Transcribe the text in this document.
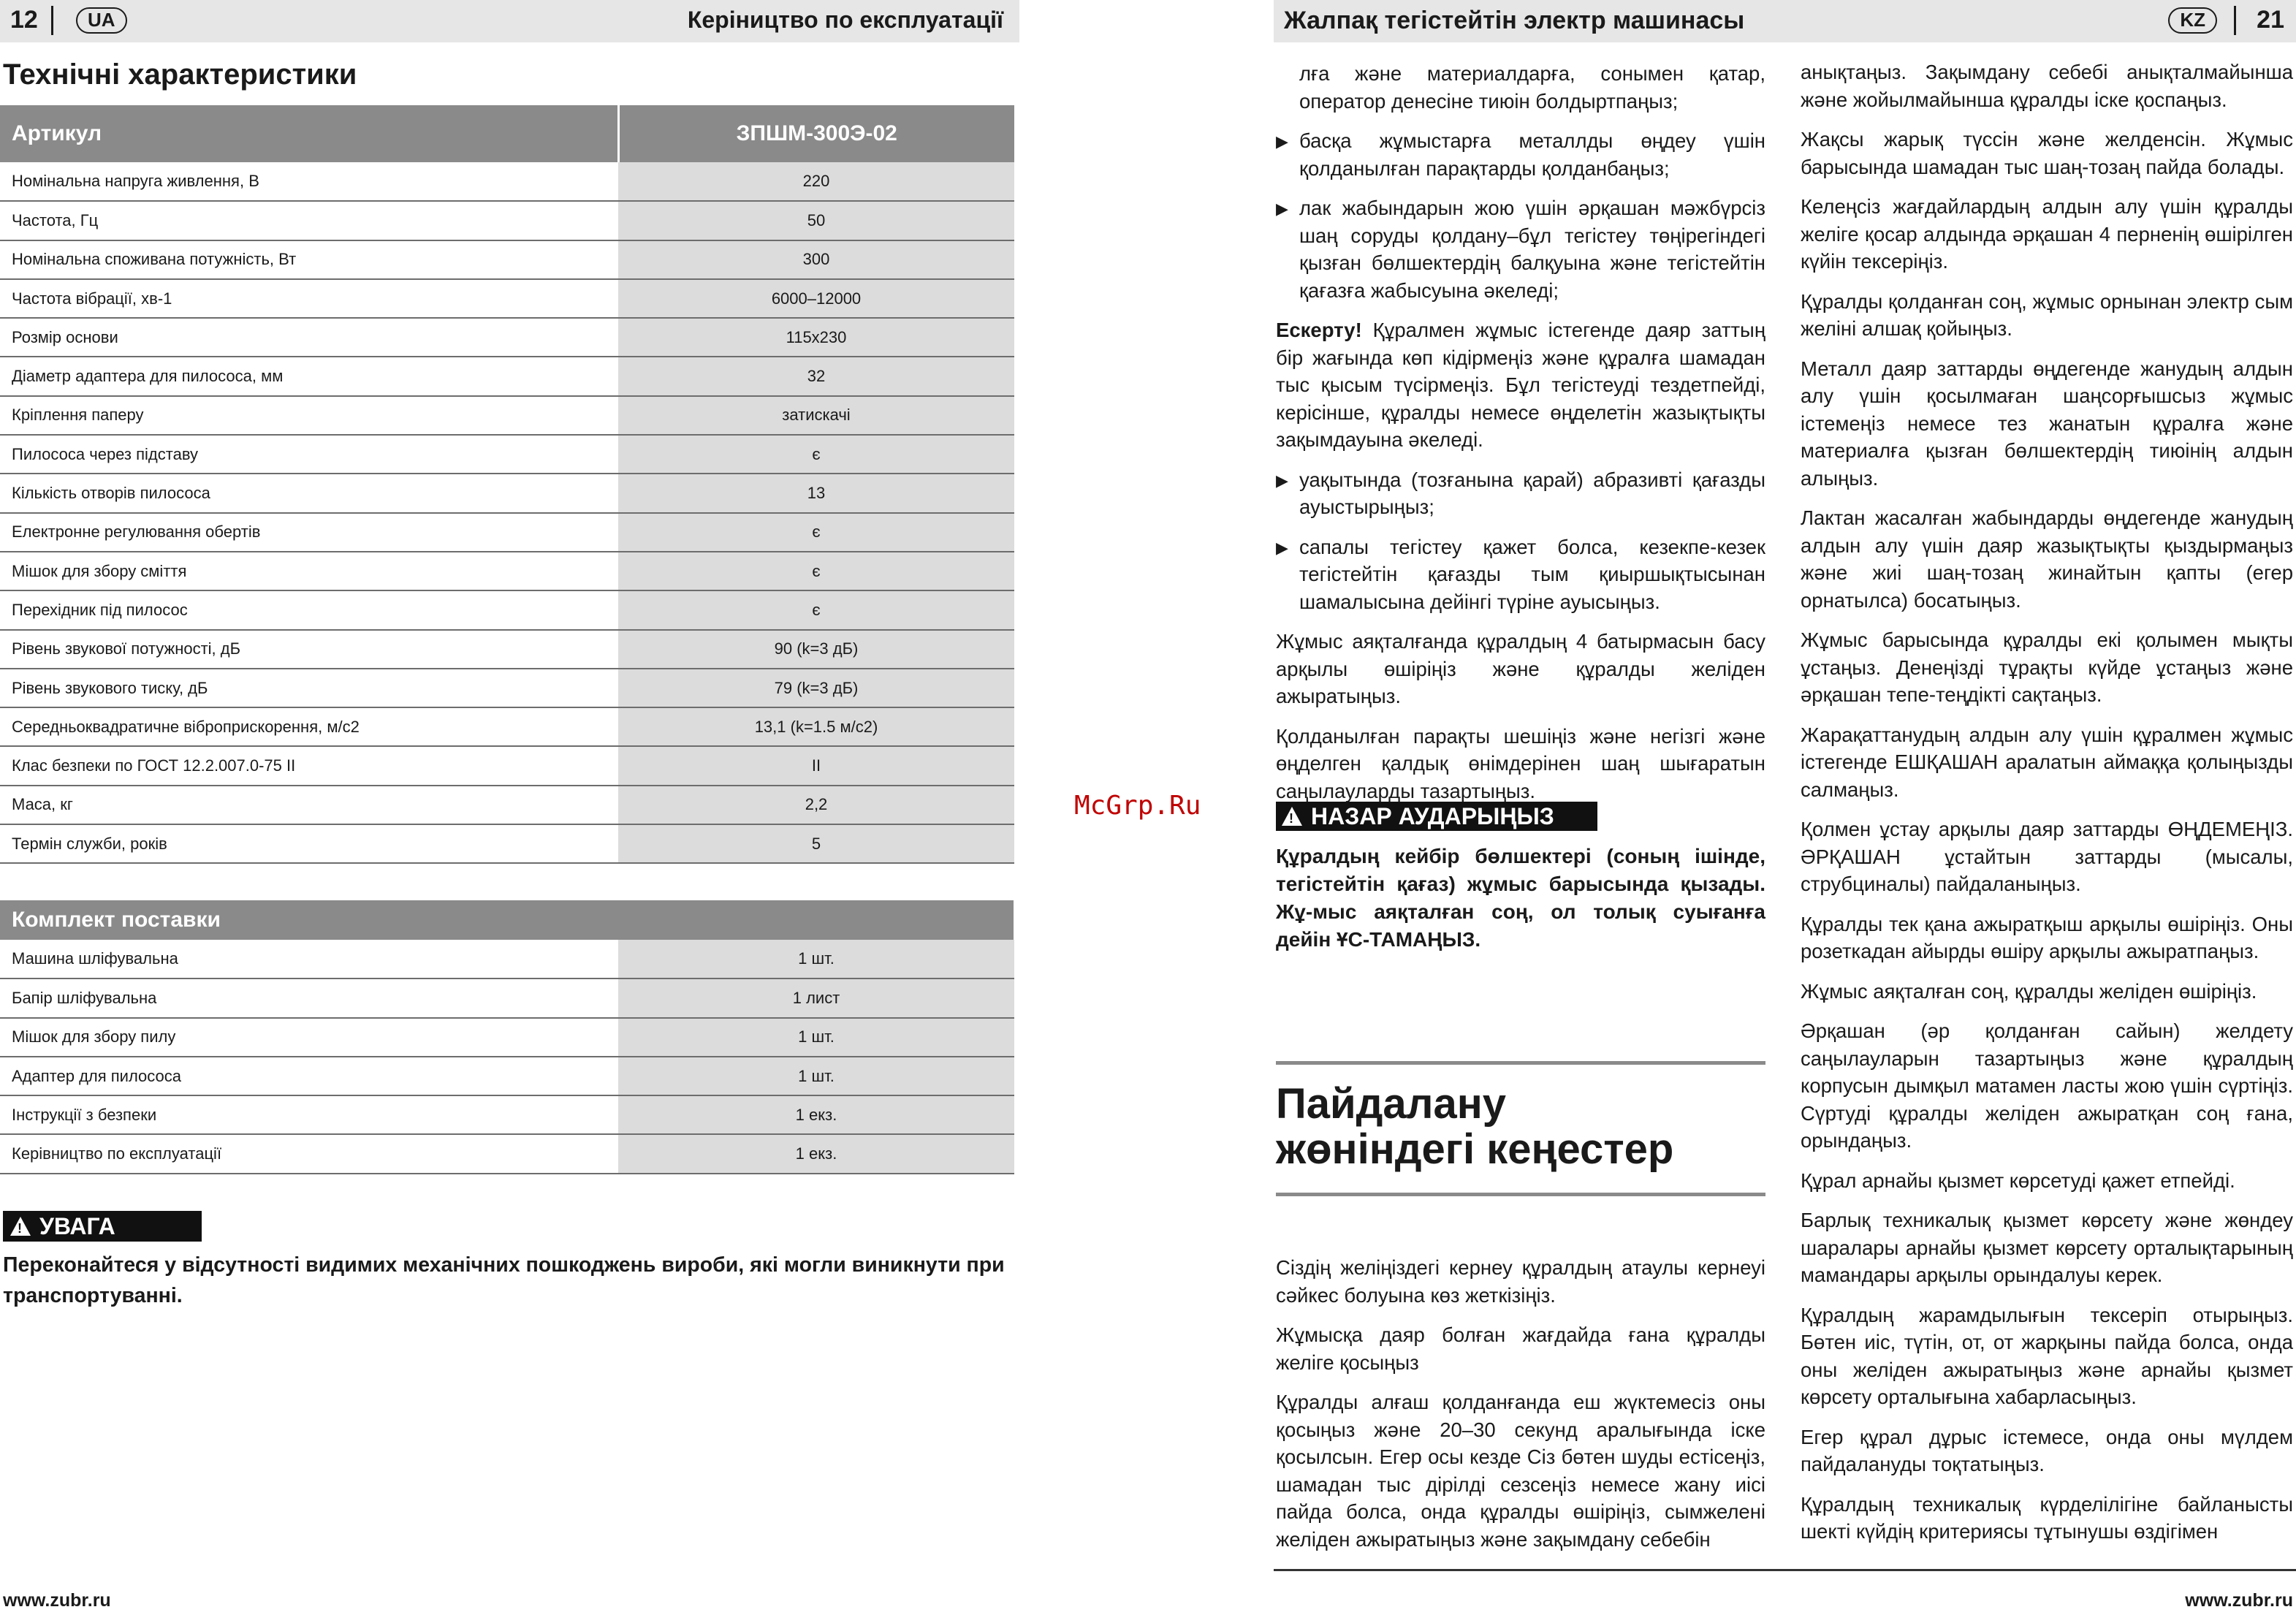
12	UA	Керіництво по експлуатації
Технічні характеристики
Артикул	ЗПШМ-300Э-02
Номінальна напруга живлення, В	220
Частота, Гц	50
Номінальна споживана потужність, Вт	300
Частота вібрації, хв-1	6000–12000
Розмір основи	115x230
Діаметр адаптера для пилососа, мм	32
Кріплення паперу	затискачі
Пилососа через підставу	є
Кількість отворів пилососа	13
Електронне регулювання обертів	є
Мішок для збору сміття	є
Перехідник під пилосос	є
Рівень звукової потужності, дБ	90 (k=3 дБ)
Рівень звукового тиску, дБ	79 (k=3 дБ)
Середньоквадратичне віброприскорення, м/с2	13,1 (k=1.5 м/с2)
Клас безпеки по ГОСТ 12.2.007.0-75 ІІ	ІІ
Маса, кг	2,2
Термін служби, років	5
Комплект поставки	
Машина шліфувальна	1 шт.
Бапір шліфувальна	1 лист
Мішок для збору пилу	1 шт.
Адаптер для пилососа	1 шт.
Інструкції з безпеки	1 екз.
Керівництво по експлуатації	1 екз.
! УВАГА
Переконайтеся у відсутності видимих механічних пошкоджень вироби, які могли виникнути при транспортуванні.
www.zubr.ru
McGrp.Ru
Жалпақ тегістейтін электр машинасы	KZ	21

лға және материалдарға, сонымен қатар, оператор денесіне тиюін болдыртпаңыз;

▶ басқа жұмыстарға металлды өңдеу үшін қолданылған парақтарды қолданбаңыз;
▶ лак жабындарын жою үшін әрқашан мәжбүрсіз шаң соруды қолдану–бұл тегістеу төңірегіндегі қызған бөлшектердің балқуына және тегістейтін қағазға жабысуына әкеледі;

Ескерту! Құралмен жұмыс істегенде даяр заттың бір жағында көп кідірмеңіз және құралға шамадан тыс қысым түсірмеңіз. Бұл тегістеуді тездетпейді, керісінше, құралды немесе өңделетін жазықтықты зақымдауына әкеледі.

▶ уақытында (тозғанына қарай) абразивті қағазды ауыстырыңыз;
▶ сапалы тегістеу қажет болса, кезекпе-кезек тегістейтін қағазды тым қиыршықтысынан шамалысына дейінгі түріне ауысыңыз.

Жұмыс аяқталғанда құралдың 4 батырмасын басу арқылы өшіріңіз және құралды желіден ажыратыңыз.

Қолданылған парақты шешіңіз және негізгі және өңделген қалдық өнімдерінен шаң шығаратын саңылауларды тазартыңыз.

! НАЗАР АУДАРЫҢЫЗ
Құралдың кейбір бөлшектері (соның ішінде, тегістейтін қағаз) жұмыс барысында қызады. Жұ-мыс аяқталған соң, ол толық суығанға дейін ҰС-ТАМАҢЫЗ.
Пайдалану
жөніндегі кеңестер

Сіздің желіңіздегі кернеу құралдың атаулы кернеуі сәйкес болуына көз жеткізіңіз.

Жұмысқа даяр болған жағдайда ғана құралды желіге қосыңыз

Құралды алғаш қолданғанда еш жүктемесіз оны қосыңыз және 20–30 секунд аралығында іске қосылсын. Егер осы кезде Сіз бөтен шуды естісеңіз, шамадан тыс дірілді сезсеңіз немесе жану иісі пайда болса, онда құралды өшіріңіз, сымжелені желіден ажыратыңыз және зақымдану себебін

анықтаңыз. Зақымдану себебі анықталмайынша және жойылмайынша құралды іске қоспаңыз.

Жақсы жарық түссін және желденсін. Жұмыс барысында шамадан тыс шаң-тозаң пайда болады.

Келеңсіз жағдайлардың алдын алу үшін құралды желіге қосар алдында әрқашан 4 перненің өшірілген күйін тексеріңіз.

Құралды қолданған соң, жұмыс орнынан электр сым желіні алшақ қойыңыз.

Металл даяр заттарды өңдегенде жанудың алдын алу үшін қосылмаған шаңсорғышсыз жұмыс істемеңіз немесе тез жанатын құралға және материалға қызған бөлшектердің тиюінің алдын алыңыз.

Лактан жасалған жабындарды өңдегенде жанудың алдын алу үшін даяр жазықтықты қыздырмаңыз және жиі шаң-тозаң жинайтын қапты (егер орнатылса) босатыңыз.

Жұмыс барысында құралды екі қолымен мықты ұстаңыз. Денеңізді тұрақты күйде ұстаңыз және әрқашан тепе-теңдікті сақтаңыз.

Жарақаттанудың алдын алу үшін құралмен жұмыс істегенде ЕШҚАШАН аралатын аймаққа қолыңызды салмаңыз.

Қолмен ұстау арқылы даяр заттарды ӨҢДЕМЕҢІЗ. ӘРҚАШАН ұстайтын заттарды (мысалы, струбциналы) пайдаланыңыз.

Құралды тек қана ажыратқыш арқылы өшіріңіз. Оны розеткадан айырды өшіру арқылы ажыратпаңыз.

Жұмыс аяқталған соң, құралды желіден өшіріңіз.

Әрқашан (әр қолданған сайын) желдету саңылауларын тазартыңыз және құралдың корпусын дымқыл матамен ласты жою үшін сүртіңіз. Сүртуді құралды желіден ажыратқан соң ғана, орындаңыз.

Құрал арнайы қызмет көрсетуді қажет етпейді.

Барлық техникалық қызмет көрсету және жөндеу шаралары арнайы қызмет көрсету орталықтарының мамандары арқылы орындалуы керек.

Құралдың жарамдылығын тексеріп отырыңыз. Бөтен иіс, түтін, от, от жарқыны пайда болса, онда оны желіден ажыратыңыз және арнайы қызмет көрсету орталығына хабарласыңыз.

Егер құрал дұрыс істемесе, онда оны мүлдем пайдалануды тоқтатыңыз.

Құралдың техникалық күрделілігіне байланысты шекті күйдің критериясы тұтынушы өздігімен

www.zubr.ru
